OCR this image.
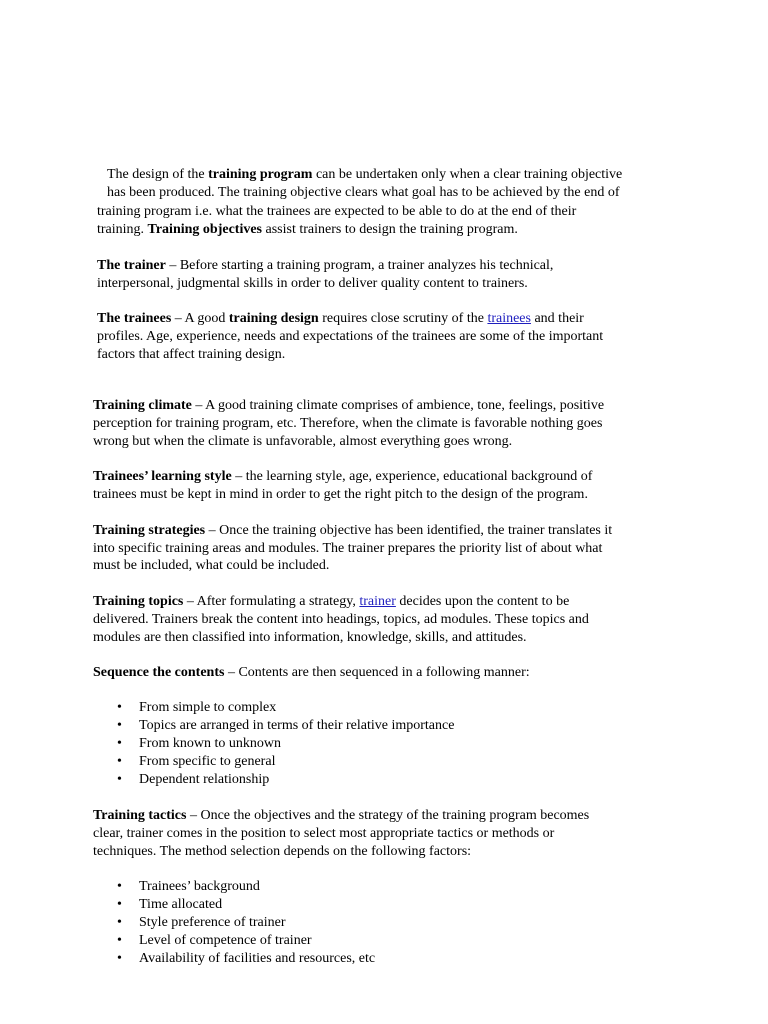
The design of the training program can be undertaken only when a clear training objective
has been produced. The training objective clears what goal has to be achieved by the end of
training program i.e. what the trainees are expected to be able to do at the end of their
training. Training objectives assist trainers to design the training program.
The trainer – Before starting a training program, a trainer analyzes his technical,
interpersonal, judgmental skills in order to deliver quality content to trainers.
The trainees – A good training design requires close scrutiny of the trainees and their
profiles. Age, experience, needs and expectations of the trainees are some of the important
factors that affect training design.
Training climate – A good training climate comprises of ambience, tone, feelings, positive
perception for training program, etc. Therefore, when the climate is favorable nothing goes
wrong but when the climate is unfavorable, almost everything goes wrong.
Trainees’ learning style – the learning style, age, experience, educational background of
trainees must be kept in mind in order to get the right pitch to the design of the program.
Training strategies – Once the training objective has been identified, the trainer translates it
into specific training areas and modules. The trainer prepares the priority list of about what
must be included, what could be included.
Training topics – After formulating a strategy, trainer decides upon the content to be
delivered. Trainers break the content into headings, topics, ad modules. These topics and
modules are then classified into information, knowledge, skills, and attitudes.
Sequence the contents – Contents are then sequenced in a following manner:
• From simple to complex
• Topics are arranged in terms of their relative importance
• From known to unknown
• From specific to general
• Dependent relationship
Training tactics – Once the objectives and the strategy of the training program becomes
clear, trainer comes in the position to select most appropriate tactics or methods or
techniques. The method selection depends on the following factors:
• Trainees’ background
• Time allocated
• Style preference of trainer
• Level of competence of trainer
• Availability of facilities and resources, etc
